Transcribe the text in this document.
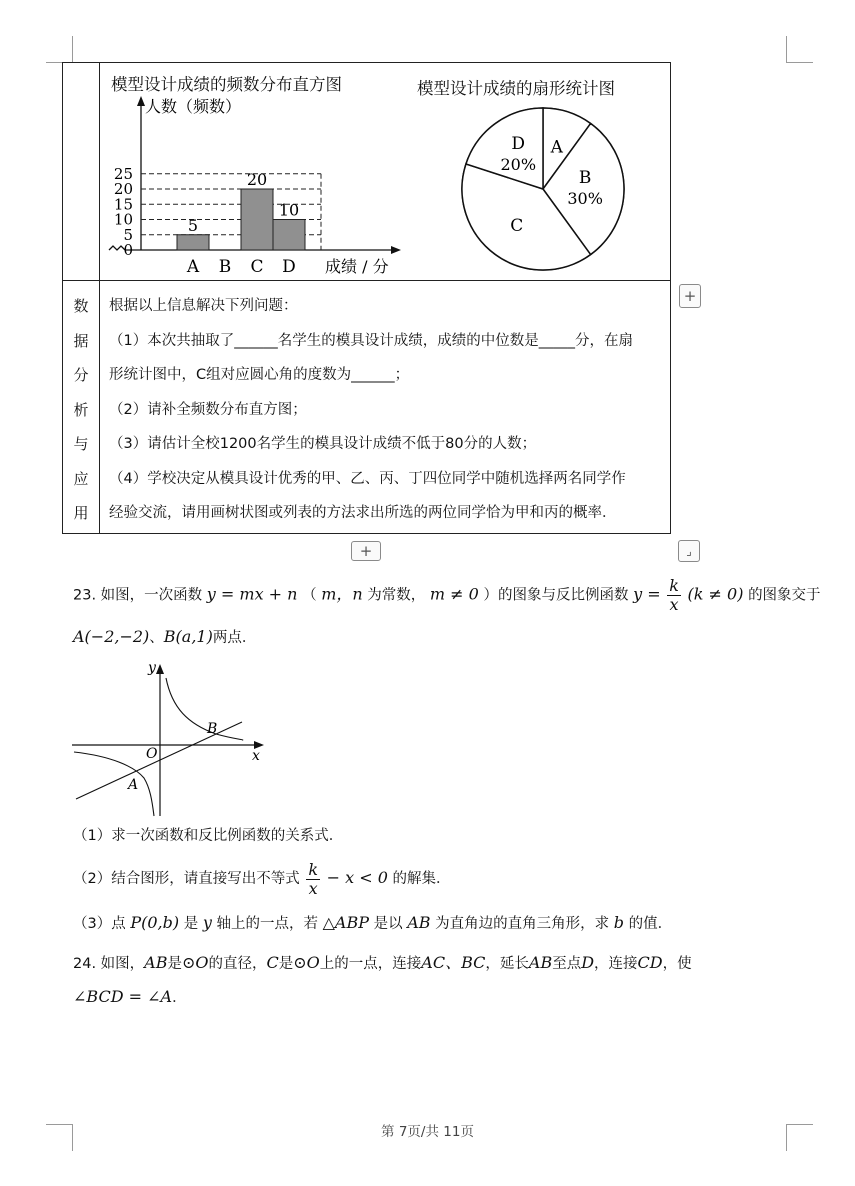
模型设计成绩的频数分布直方图
人数（频数）
0
5
10
15
20
25
5
A B
20
C
10
D 成绩 / 分
模型设计成绩的扇形统计图
A
B
30%
C
D
20%
数
据
分
析
与
应
用

根据以上信息解决下列问题：

（1）本次共抽取了______名学生的模具设计成绩，成绩的中位数是_____分，在扇

形统计图中，C组对应圆心角的度数为______；

（2）请补全频数分布直方图；

（3）请估计全校1200名学生的模具设计成绩不低于80分的人数；

（4）学校决定从模具设计优秀的甲、乙、丙、丁四位同学中随机选择两名同学作

经验交流，请用画树状图或列表的方法求出所选的两位同学恰为甲和丙的概率．

+
+	⌟
23. 如图，一次函数 y = mx + n （ m，n 为常数， m ≠ 0 ）的图象与反比例函数 $y = \frac{k}{x} (k \ne 0)$ 的图象交于
A(−2,−2)、B(a,1)两点．
y
x
O
A
B
（1）求一次函数和反比例函数的关系式．
（2）结合图形，请直接写出不等式 $\frac{k}{x} - x < 0$ 的解集．
（3）点 P(0,b) 是 y 轴上的一点，若 △ABP 是以 AB 为直角边的直角三角形，求 b 的值．
24. 如图，AB是⊙O的直径，C是⊙O上的一点，连接AC、BC，延长AB至点D，连接CD，使
∠BCD = ∠A．
第 7页/共 11页
